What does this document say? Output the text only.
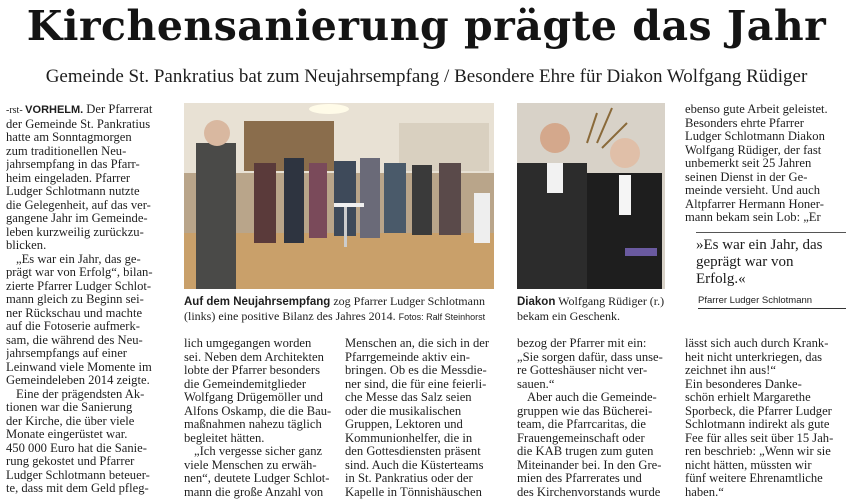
Kirchensanierung prägte das Jahr
Gemeinde St. Pankratius bat zum Neujahrsempfang / Besondere Ehre für Diakon Wolfgang Rüdiger
-rst- VORHELM. Der Pfarrerat
der Gemeinde St. Pankratius
hatte am Sonntagmorgen
zum traditionellen Neu-
jahrsempfang in das Pfarr-
heim eingeladen. Pfarrer
Ludger Schlotmann nutzte
die Gelegenheit, auf das ver-
gangene Jahr im Gemeinde-
leben kurzweilig zurückzu-
blicken.
„Es war ein Jahr, das ge-
prägt war von Erfolg“, bilan-
zierte Pfarrer Ludger Schlot-
mann gleich zu Beginn sei-
ner Rückschau und machte
auf die Fotoserie aufmerk-
sam, die während des Neu-
jahrsempfangs auf einer
Leinwand viele Momente im
Gemeindeleben 2014 zeigte.
Eine der prägendsten Ak-
tionen war die Sanierung
der Kirche, die über viele
Monate eingerüstet war.
450 000 Euro hat die Sanie-
rung gekostet und Pfarrer
Ludger Schlotmann beteuer-
te, dass mit dem Geld pfleg-
Auf dem Neujahrsempfang zog Pfarrer Ludger Schlotmann (links) eine positive Bilanz des Jahres 2014. Fotos: Ralf Steinhorst
Diakon Wolfgang Rüdiger (r.) bekam ein Geschenk.
lich umgegangen worden
sei. Neben dem Architekten
lobte der Pfarrer besonders
die Gemeindemitglieder
Wolfgang Drügemöller und
Alfons Oskamp, die die Bau-
maßnahmen nahezu täglich
begleitet hätten.
„Ich vergesse sicher ganz
viele Menschen zu erwäh-
nen“, deutete Ludger Schlot-
mann die große Anzahl von
Menschen an, die sich in der
Pfarrgemeinde aktiv ein-
bringen. Ob es die Messdie-
ner sind, die für eine feierli-
che Messe das Salz seien
oder die musikalischen
Gruppen, Lektoren und
Kommunionhelfer, die in
den Gottesdiensten präsent
sind. Auch die Küsterteams
in St. Pankratius oder der
Kapelle in Tönnishäuschen
bezog der Pfarrer mit ein:
„Sie sorgen dafür, dass unse-
re Gotteshäuser nicht ver-
sauen.“
Aber auch die Gemeinde-
gruppen wie das Bücherei-
team, die Pfarrcaritas, die
Frauengemeinschaft oder
die KAB trugen zum guten
Miteinander bei. In den Gre-
mien des Pfarrerates und
des Kirchenvorstands wurde
ebenso gute Arbeit geleistet.
Besonders ehrte Pfarrer
Ludger Schlotmann Diakon
Wolfgang Rüdiger, der fast
unbemerkt seit 25 Jahren
seinen Dienst in der Ge-
meinde versieht. Und auch
Altpfarrer Hermann Honer-
mann bekam sein Lob: „Er
»Es war ein Jahr, das geprägt war von Erfolg.«
Pfarrer Ludger Schlotmann
lässt sich auch durch Krank-
heit nicht unterkriegen, das
zeichnet ihn aus!“
Ein besonderes Danke-
schön erhielt Margarethe
Sporbeck, die Pfarrer Ludger
Schlotmann indirekt als gute
Fee für alles seit über 15 Jah-
ren beschrieb: „Wenn wir sie
nicht hätten, müssten wir
fünf weitere Ehrenamtliche
haben.“
